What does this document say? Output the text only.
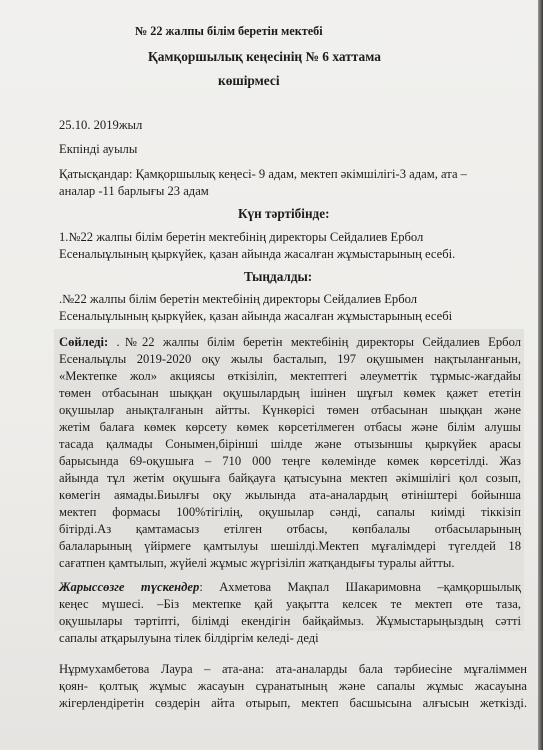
№ 22 жалпы білім беретін мектебі
Қамқоршылық кеңесінің № 6 хаттама
көшірмесі
25.10. 2019жыл
Екпінді ауылы
Қатысқандар: Қамқоршылық кеңесі- 9 адам, мектеп әкімшілігі-3 адам, ата –
аналар -11 барлығы 23 адам
Күн тәртібінде:
1.№22 жалпы білім беретін мектебінің директоры Сейдалиев Ербол
Есеналыұлының қыркүйек, қазан айында жасалған жұмыстарының есебі.
Тыңдалды:
.№22 жалпы білім беретін мектебінің директоры Сейдалиев Ербол
Есеналыұлының қыркүйек, қазан айында жасалған жұмыстарының есебі
Сөйледі: .№22 жалпы білім беретін мектебінің директоры Сейдалиев Ербол
Есеналыұлы 2019-2020 оқу жылы басталып, 197 оқушымен нақтыланғанын,
«Мектепке жол» акциясы өткізіліп, мектептегі әлеуметтік тұрмыс-жағдайы
төмен отбасынан шыққан оқушылардың ішінен шұғыл көмек қажет ететін
оқушылар анықталғанын айтты. Күнкөрісі төмен отбасынан шыққан және
жетім балаға көмек көрсету көмек көрсетілмеген отбасы және білім алушы
тасада қалмады Сонымен,бірінші шілде және отызыншы қыркүйек арасы
барысында 69-оқушыға – 710 000 теңге көлемінде көмек көрсетілді. Жаз
айында тұл жетім оқушыға байқауға қатысуына мектеп әкімшілігі қол созып,
көмегін аямады.Биылғы оқу жылында ата-аналардың өтініштері бойынша
мектеп формасы 100%тігілің, оқушылар сәнді, сапалы киімді тіккізіп
бітірді.Аз қамтамасыз етілген отбасы, көпбалалы отбасыларының
балаларының үйірмеге қамтылуы шешілді.Мектеп мұғалімдері түгелдей 18
сағатпен қамтылып, жүйелі жұмыс жүргізіліп жатқандығы туралы айтты.
Жарыссөзге түскендер: Ахметова Мақпал Шакаримовна –қамқоршылық
кеңес мүшесі. –Біз мектепке қай уақытта келсек те мектеп өте таза,
оқушылары тәртіпті, білімді екендігін байқаймыз. Жұмыстарыңыздың сәтті
сапалы атқарылуына тілек білдіргім келеді- деді
Нұрмухамбетова Лаура – ата-ана: ата-аналарды бала тәрбиесіне мұғаліммен
қоян- қолтық жұмыс жасауын сұранатының және сапалы жұмыс жасауына
жігерлендіретін сөздерін айта отырып, мектеп басшысына алғысын жеткізді.
